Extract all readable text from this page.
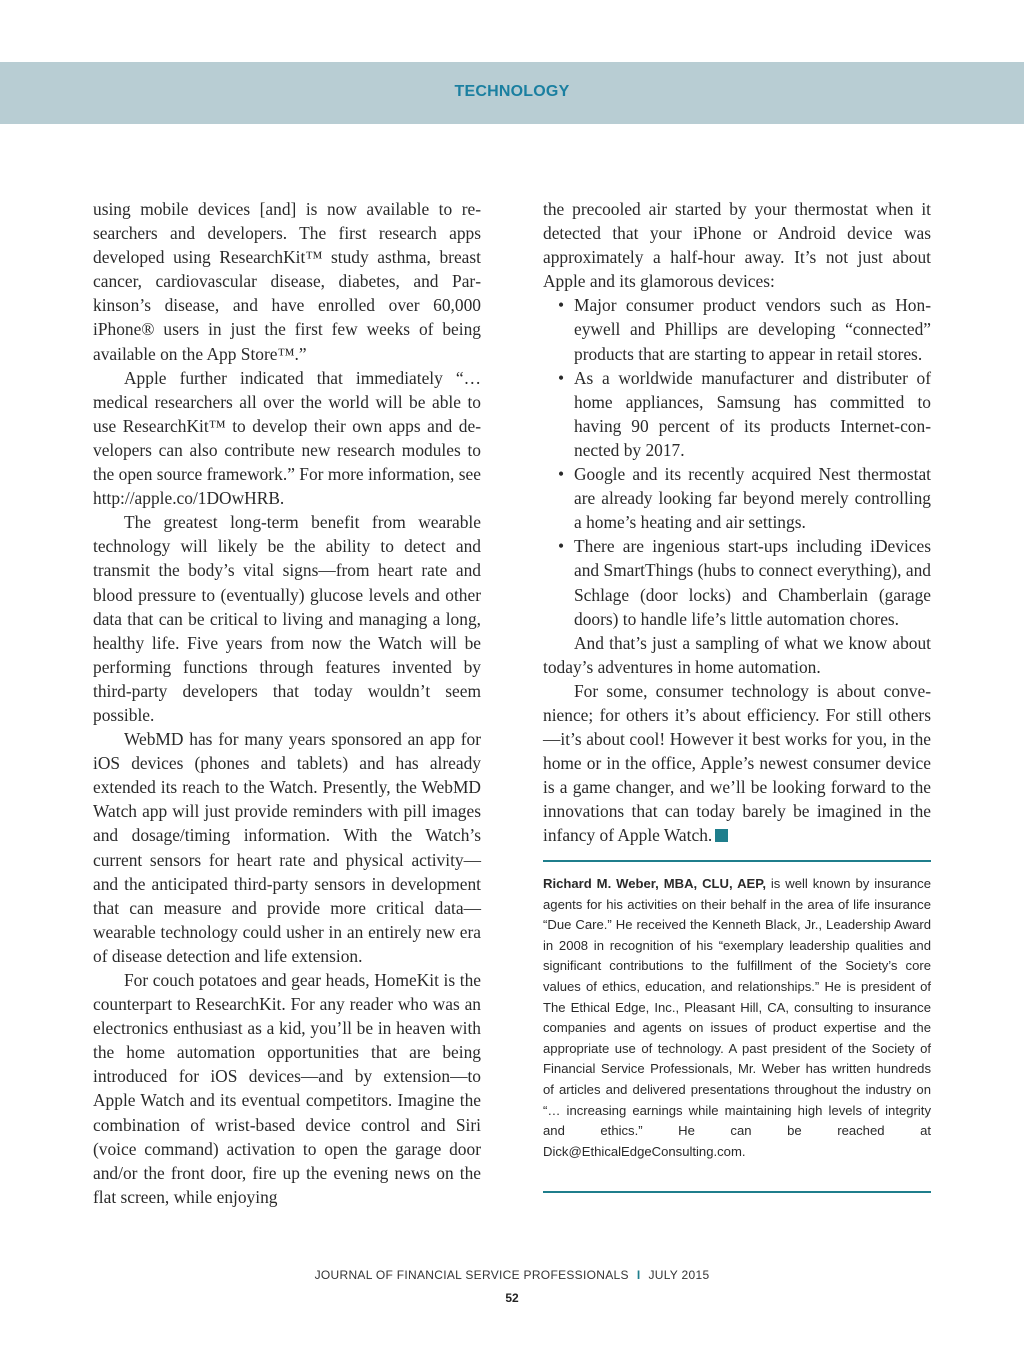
TECHNOLOGY

using mobile devices [and] is now available to researchers and developers. The first research apps developed using ResearchKit™ study asthma, breast cancer, cardiovascular disease, diabetes, and Parkinson’s disease, and have enrolled over 60,000 iPhone® users in just the first few weeks of being available on the App Store™.”

Apple further indicated that immediately “… medical researchers all over the world will be able to use ResearchKit™ to develop their own apps and developers can also contribute new research modules to the open source framework.” For more information, see http://apple.co/1DOwHRB.

The greatest long-term benefit from wearable technology will likely be the ability to detect and transmit the body’s vital signs—from heart rate and blood pressure to (eventually) glucose levels and other data that can be critical to living and managing a long, healthy life. Five years from now the Watch will be performing functions through features invented by third-party developers that today wouldn’t seem possible.

WebMD has for many years sponsored an app for iOS devices (phones and tablets) and has already extended its reach to the Watch. Presently, the WebMD Watch app will just provide reminders with pill images and dosage/timing information. With the Watch’s current sensors for heart rate and physical activity—and the anticipated third-party sensors in development that can measure and provide more critical data—wearable technology could usher in an entirely new era of disease detection and life extension.

For couch potatoes and gear heads, HomeKit is the counterpart to ResearchKit. For any reader who was an electronics enthusiast as a kid, you’ll be in heaven with the home automation opportunities that are being introduced for iOS devices—and by extension—to Apple Watch and its eventual competitors. Imagine the combination of wrist-based device control and Siri (voice command) activation to open the garage door and/or the front door, fire up the evening news on the flat screen, while enjoying

the precooled air started by your thermostat when it detected that your iPhone or Android device was approximately a half-hour away. It’s not just about Apple and its glamorous devices:

• Major consumer product vendors such as Honeywell and Phillips are developing “connected” products that are starting to appear in retail stores.
• As a worldwide manufacturer and distributer of home appliances, Samsung has committed to having 90 percent of its products Internet-connected by 2017.
• Google and its recently acquired Nest thermostat are already looking far beyond merely controlling a home’s heating and air settings.
• There are ingenious start-ups including iDevices and SmartThings (hubs to connect everything), and Schlage (door locks) and Chamberlain (garage doors) to handle life’s little automation chores.

And that’s just a sampling of what we know about today’s adventures in home automation.

For some, consumer technology is about convenience; for others it’s about efficiency. For still others—it’s about cool! However it best works for you, in the home or in the office, Apple’s newest consumer device is a game changer, and we’ll be looking forward to the innovations that can today barely be imagined in the infancy of Apple Watch.

Richard M. Weber, MBA, CLU, AEP, is well known by insurance agents for his activities on their behalf in the area of life insurance “Due Care.” He received the Kenneth Black, Jr., Leadership Award in 2008 in recognition of his “exemplary leadership qualities and significant contributions to the fulfillment of the Society’s core values of ethics, education, and relationships.” He is president of The Ethical Edge, Inc., Pleasant Hill, CA, consulting to insurance companies and agents on issues of product expertise and the appropriate use of technology. A past president of the Society of Financial Service Professionals, Mr. Weber has written hundreds of articles and delivered presentations throughout the industry on “… increasing earnings while maintaining high levels of integrity and ethics.” He can be reached at Dick@EthicalEdgeConsulting.com.
JOURNAL OF FINANCIAL SERVICE PROFESSIONALS I JULY 2015
52
